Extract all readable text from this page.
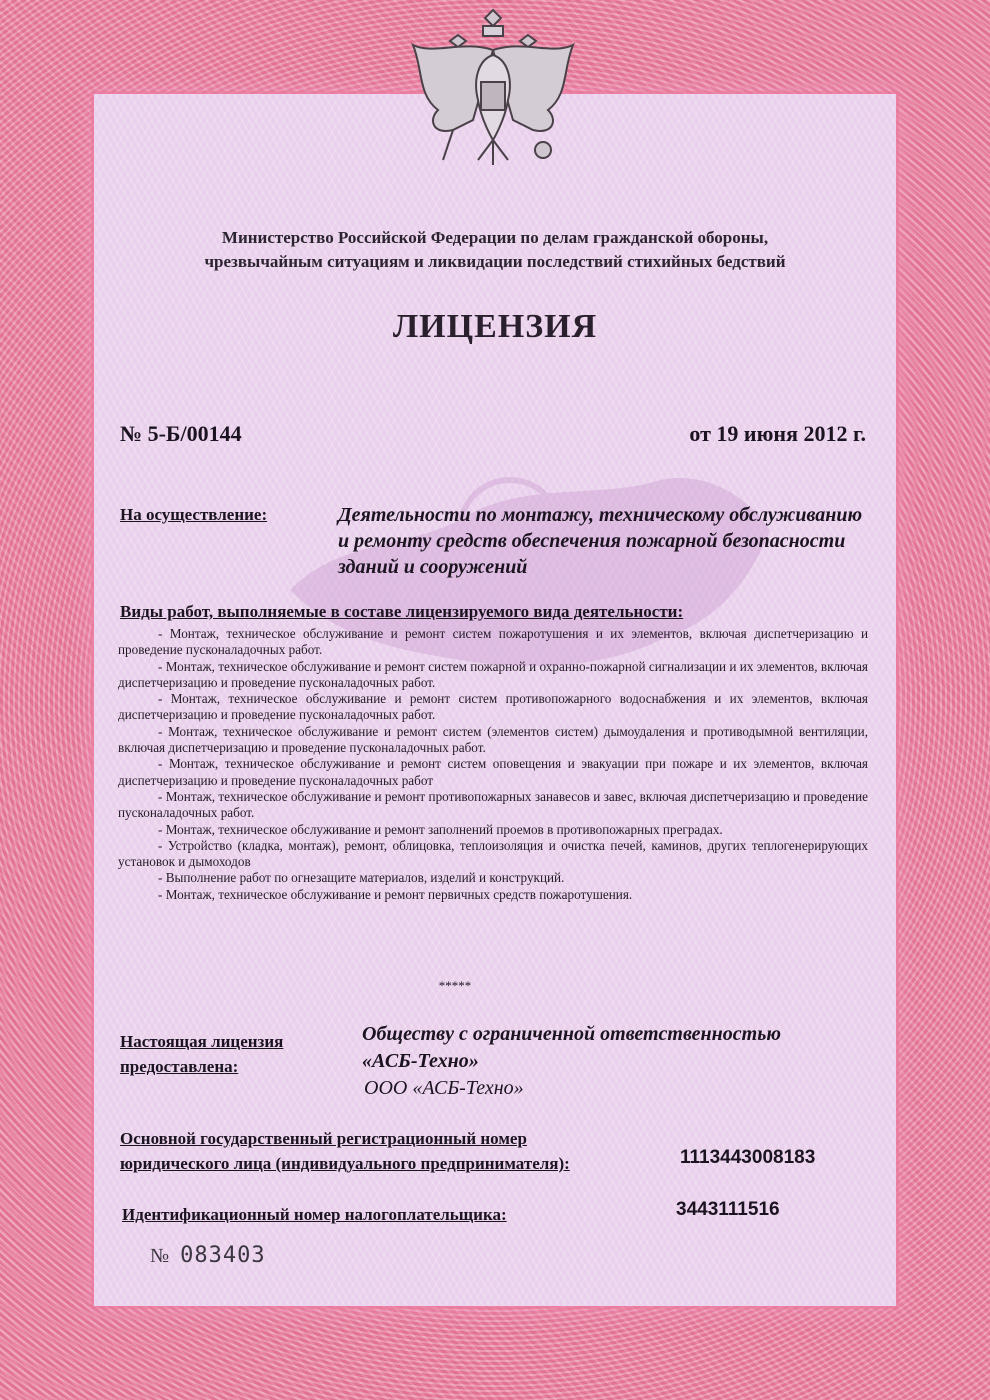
Министерство Российской Федерации по делам гражданской обороны,
чрезвычайным ситуациям и ликвидации последствий стихийных бедствий
ЛИЦЕНЗИЯ
№ 5-Б/00144	от 19 июня 2012 г.
На осуществление:	Деятельности по монтажу, техническому обслуживанию и ремонту средств обеспечения пожарной безопасности зданий и сооружений
Виды работ, выполняемые в составе лицензируемого вида деятельности:
- Монтаж, техническое обслуживание и ремонт систем пожаротушения и их элементов, включая диспетчеризацию и проведение пусконаладочных работ.
- Монтаж, техническое обслуживание и ремонт систем пожарной и охранно-пожарной сигнализации и их элементов, включая диспетчеризацию и проведение пусконаладочных работ.
- Монтаж, техническое обслуживание и ремонт систем противопожарного водоснабжения и их элементов, включая диспетчеризацию и проведение пусконаладочных работ.
- Монтаж, техническое обслуживание и ремонт систем (элементов систем) дымоудаления и противодымной вентиляции, включая диспетчеризацию и проведение пусконаладочных работ.
- Монтаж, техническое обслуживание и ремонт систем оповещения и эвакуации при пожаре и их элементов, включая диспетчеризацию и проведение пусконаладочных работ
- Монтаж, техническое обслуживание и ремонт противопожарных занавесов и завес, включая диспетчеризацию и проведение пусконаладочных работ.
- Монтаж, техническое обслуживание и ремонт заполнений проемов в противопожарных преградах.
- Устройство (кладка, монтаж), ремонт, облицовка, теплоизоляция и очистка печей, каминов, других теплогенерирующих установок и дымоходов
- Выполнение работ по огнезащите материалов, изделий и конструкций.
- Монтаж, техническое обслуживание и ремонт первичных средств пожаротушения.
*****
Настоящая лицензия
предоставлена:
Обществу с ограниченной ответственностью
«АСБ-Техно»
ООО «АСБ-Техно»
Основной государственный регистрационный номер
юридического лица (индивидуального предпринимателя):	1113443008183
Идентификационный номер налогоплательщика:	3443111516
№ 083403
